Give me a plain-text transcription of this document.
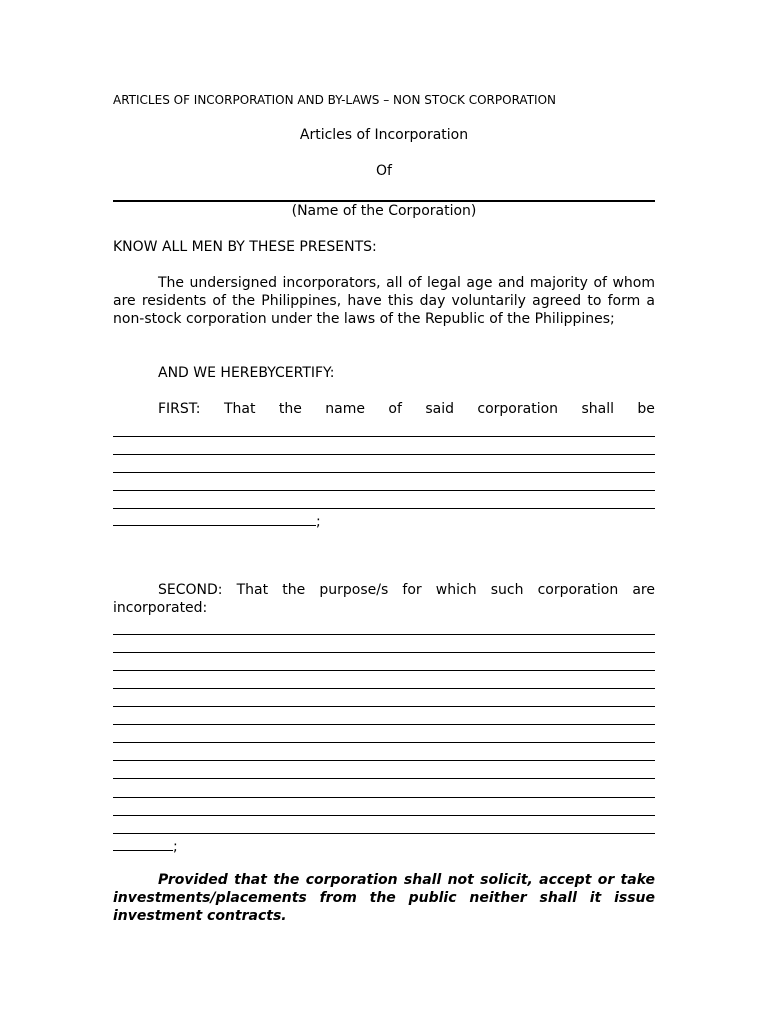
ARTICLES OF INCORPORATION AND BY-LAWS – NON STOCK CORPORATION
Articles of Incorporation
Of
(Name of the Corporation)
KNOW ALL MEN BY THESE PRESENTS:
The undersigned incorporators, all of legal age and majority of whom are residents of the Philippines, have this day voluntarily agreed to form a non-stock corporation under the laws of the Republic of the Philippines;
AND WE HEREBYCERTIFY:
FIRST: That the name of said corporation shall be
;
SECOND: That the purpose/s for which such corporation are incorporated:
;
Provided that the corporation shall not solicit, accept or take investments/placements from the public neither shall it issue investment contracts.
